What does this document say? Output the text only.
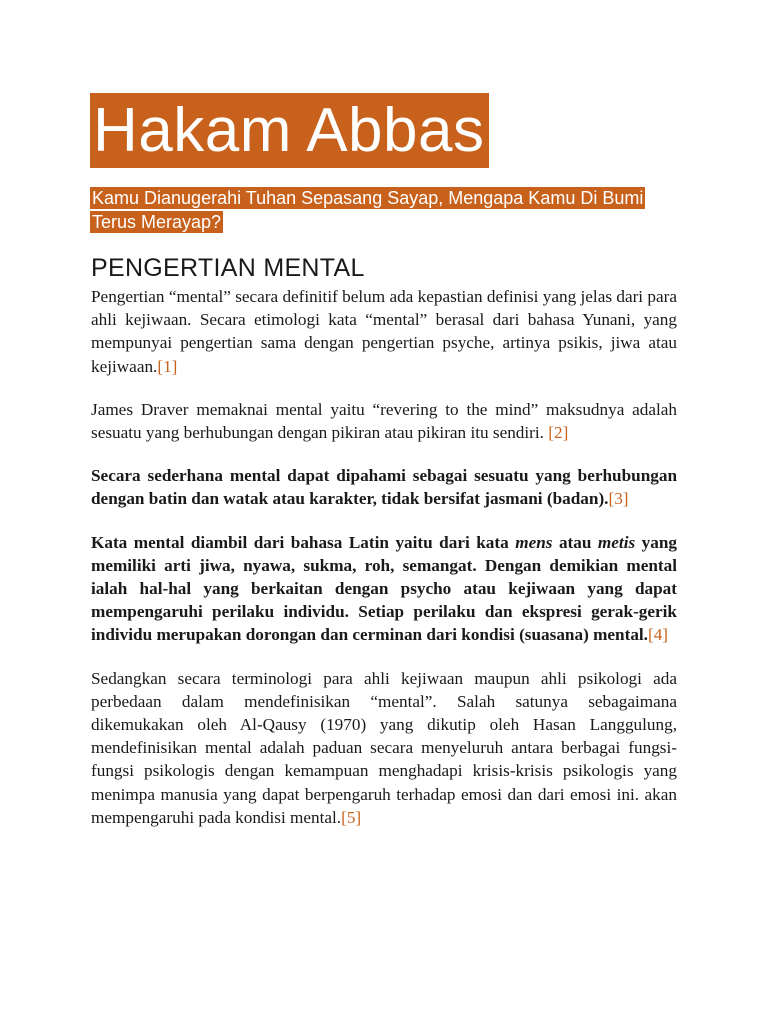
Hakam Abbas
Kamu Dianugerahi Tuhan Sepasang Sayap, Mengapa Kamu Di Bumi Terus Merayap?
PENGERTIAN MENTAL

Pengertian “mental” secara definitif belum ada kepastian definisi yang jelas dari para ahli kejiwaan. Secara etimologi kata “mental” berasal dari bahasa Yunani, yang mempunyai pengertian sama dengan pengertian psyche, artinya psikis, jiwa atau kejiwaan.[1]

James Draver memaknai mental yaitu “revering to the mind” maksudnya adalah sesuatu yang berhubungan dengan pikiran atau pikiran itu sendiri. [2]

Secara sederhana mental dapat dipahami sebagai sesuatu yang berhubungan dengan batin dan watak atau karakter, tidak bersifat jasmani (badan).[3]

Kata mental diambil dari bahasa Latin yaitu dari kata mens atau metis yang memiliki arti jiwa, nyawa, sukma, roh, semangat. Dengan demikian mental ialah hal-hal yang berkaitan dengan psycho atau kejiwaan yang dapat mempengaruhi perilaku individu. Setiap perilaku dan ekspresi gerak-gerik individu merupakan dorongan dan cerminan dari kondisi (suasana) mental.[4]

Sedangkan secara terminologi para ahli kejiwaan maupun ahli psikologi ada perbedaan dalam mendefinisikan “mental”. Salah satunya sebagaimana dikemukakan oleh Al-Qausy (1970) yang dikutip oleh Hasan Langgulung, mendefinisikan mental adalah paduan secara menyeluruh antara berbagai fungsi-fungsi psikologis dengan kemampuan menghadapi krisis-krisis psikologis yang menimpa manusia yang dapat berpengaruh terhadap emosi dan dari emosi ini. akan mempengaruhi pada kondisi mental.[5]
